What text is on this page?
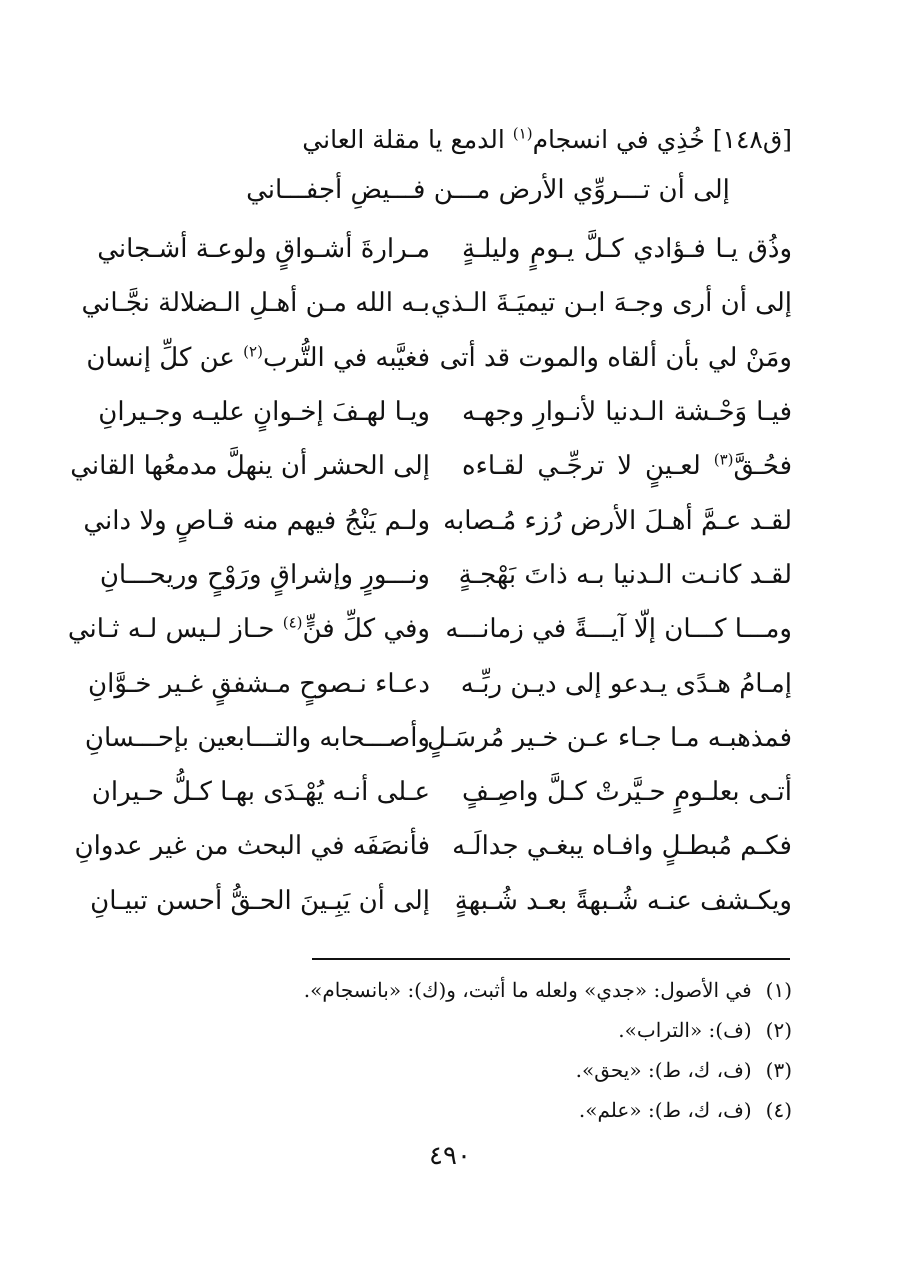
[ق١٤٨] خُذِي في انسجام$^{(١)}$ الدمع يا مقلة العاني
إلى أن تـــروِّي الأرض مـــن فـــيضِ أجفـــاني
وذُق يـا فـؤادي كـلَّ يـومٍ وليلـةٍ
مـرارةَ أشـواقٍ ولوعـة أشـجاني
إلى أن أرى وجـهَ ابـن تيميَـةَ الـذي
بـه الله مـن أهـلِ الـضلالة نجَّـاني
ومَنْ لي بأن ألقاه والموت قد أتى
فغيَّبه في التُّرب$^{(٢)}$ عن كلِّ إنسان
فيـا وَحْـشة الـدنيا لأنـوارِ وجهـه
ويـا لهـفَ إخـوانٍ عليـه وجـيرانِ
فحُـقَّ$^{(٣)}$ لعـينٍ لا ترجِّـي لقـاءه
إلى الحشر أن ينهلَّ مدمعُها القاني
لقـد عـمَّ أهـلَ الأرض رُزء مُـصابه
ولـم يَنْجُ فيهم منه قـاصٍ ولا داني
لقـد كانـت الـدنيا بـه ذاتَ بَهْجـةٍ
ونـــورٍ وإشراقٍ ورَوْحٍ وريحـــانِ
ومـــا كـــان إلّا آيـــةً في زمانـــه
وفي كلِّ فنٍّ$^{(٤)}$ حـاز لـيس لـه ثـاني
إمـامُ هـدًى يـدعو إلى ديـن ربِّـه
دعـاء نـصوحٍ مـشفقٍ غـير خـوَّانِ
فمذهبـه مـا جـاء عـن خـير مُرسَـلٍ
وأصـــحابه والتـــابعين بإحـــسانِ
أتـى بعلـومٍ حـيَّرتْ كـلَّ واصِـفٍ
عـلى أنـه يُهْـدَى بهـا كـلُّ حـيران
فكـم مُبطـلٍ وافـاه يبغـي جدالَـه
فأنصَفَه في البحث من غير عدوانِ
ويكـشف عنـه شُـبهةً بعـد شُـبهةٍ
إلى أن يَبِـينَ الحـقُّ أحسن تبيـانِ
(١) في الأصول: «جدي» ولعله ما أثبت، و(ك): «بانسجام».
(٢) (ف): «التراب».
(٣) (ف، ك، ط): «يحق».
(٤) (ف، ك، ط): «علم».
٤٩٠
